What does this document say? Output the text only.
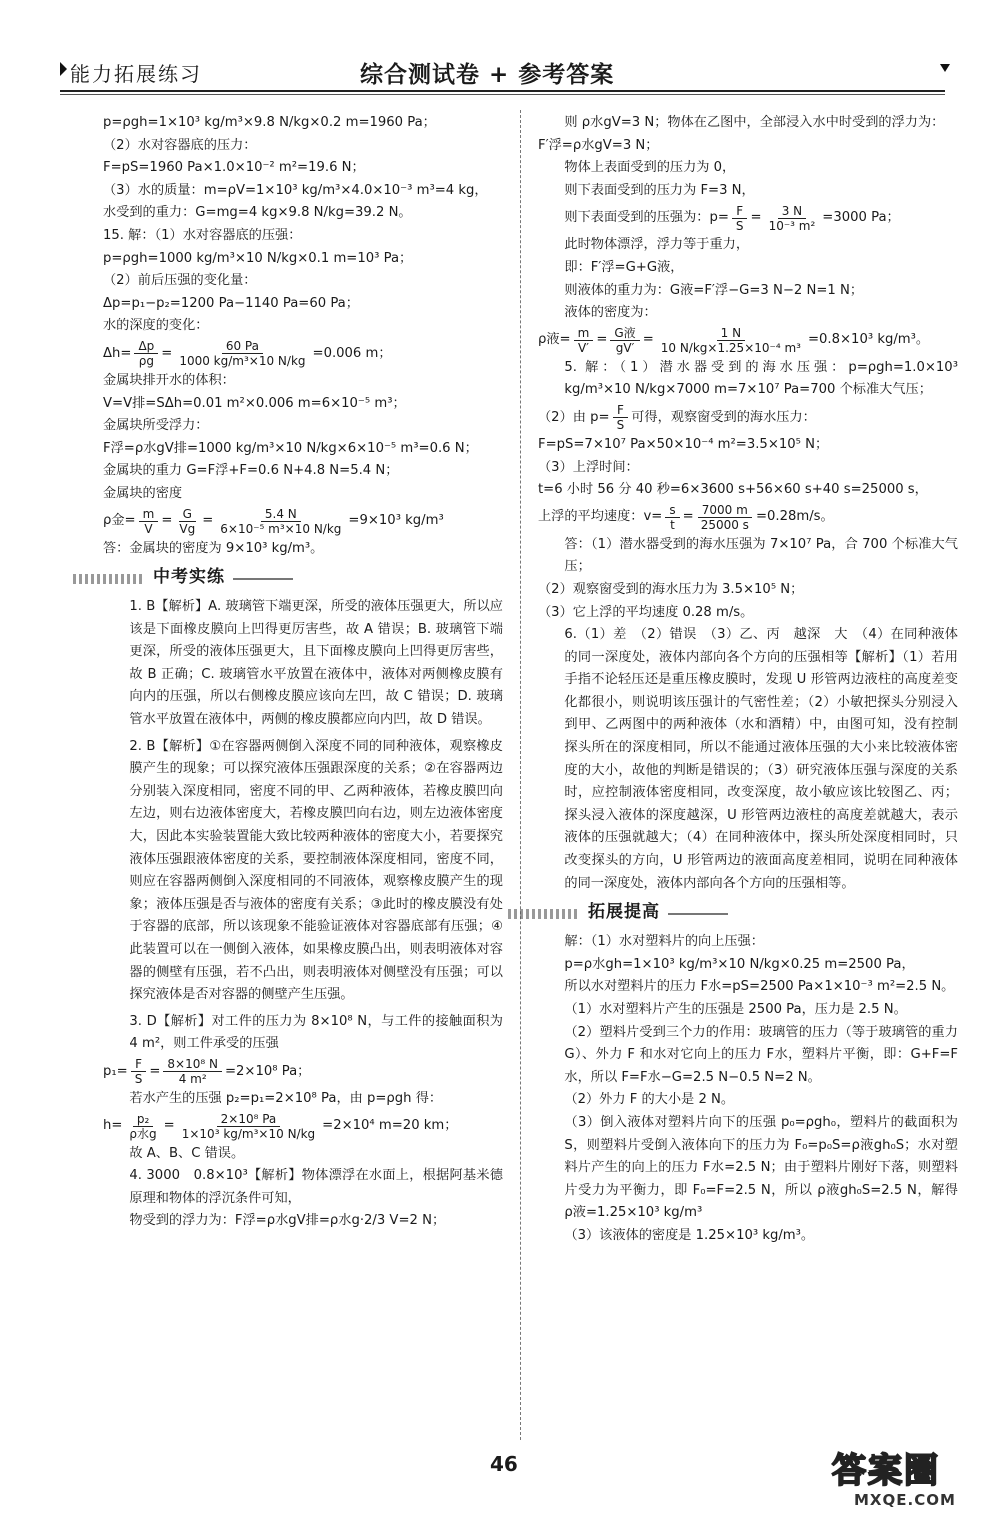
能力拓展练习	综合测试卷 + 参考答案
p=ρgh=1×10³ kg/m³×9.8 N/kg×0.2 m=1960 Pa；
（2）水对容器底的压力：
F=pS=1960 Pa×1.0×10⁻² m²=19.6 N；
（3）水的质量：m=ρV=1×10³ kg/m³×4.0×10⁻³ m³=4 kg，
水受到的重力：G=mg=4 kg×9.8 N/kg=39.2 N。
15. 解：（1）水对容器底的压强：
p=ρgh=1000 kg/m³×10 N/kg×0.1 m=10³ Pa；
（2）前后压强的变化量：
Δp=p₁−p₂=1200 Pa−1140 Pa=60 Pa；
水的深度的变化：
$\Delta h= \frac{\Delta p}{\rho g} = \frac{60 Pa}{\text{1000 kg/m³×10 N/kg}} =0.006$ m；
金属块排开水的体积：
V=V排=SΔh=0.01 m²×0.006 m=6×10⁻⁵ m³；
金属块所受浮力：
F浮=ρ水gV排=1000 kg/m³×10 N/kg×6×10⁻⁵ m³=0.6 N；
金属块的重力 G=F浮+F=0.6 N+4.8 N=5.4 N；
金属块的密度
ρ金= $\frac{m}{V} = \frac{G}{Vg} = \frac{5.4 N}{\text{6×10⁻⁵ m³×10 N/kg}} =9\times 10^3$ kg/m³
答：金属块的密度为 9×10³ kg/m³。
中考实练
1. B【解析】A. 玻璃管下端更深，所受的液体压强更大，所以应该是下面橡皮膜向上凹得更厉害些，故 A 错误；B. 玻璃管下端更深，所受的液体压强更大，且下面橡皮膜向上凹得更厉害些，故 B 正确；C. 玻璃管水平放置在液体中，液体对两侧橡皮膜有向内的压强，所以右侧橡皮膜应该向左凹，故 C 错误；D. 玻璃管水平放置在液体中，两侧的橡皮膜都应向内凹，故 D 错误。
2. B【解析】①在容器两侧倒入深度不同的同种液体，观察橡皮膜产生的现象；可以探究液体压强跟深度的关系；②在容器两边分别装入深度相同，密度不同的甲、乙两种液体，若橡皮膜凹向左边，则右边液体密度大，若橡皮膜凹向右边，则左边液体密度大，因此本实验装置能大致比较两种液体的密度大小，若要探究液体压强跟液体密度的关系，要控制液体深度相同，密度不同，则应在容器两侧倒入深度相同的不同液体，观察橡皮膜产生的现象；液体压强是否与液体的密度有关系；③此时的橡皮膜没有处于容器的底部，所以该现象不能验证液体对容器底部有压强；④此装置可以在一侧倒入液体，如果橡皮膜凸出，则表明液体对容器的侧壁有压强，若不凸出，则表明液体对侧壁没有压强；可以探究液体是否对容器的侧壁产生压强。
3. D【解析】对工件的压力为 8×10⁸ N，与工件的接触面积为 4 m²，则工件承受的压强
$p_1= \frac{F}{S} = \frac{\text{8×10⁸ N}}{\text{4 m²}} =2\times 10^8$ Pa；
若水产生的压强 p₂=p₁=2×10⁸ Pa，由 p=ρgh 得：
$h= \frac{\text{p₂}}{\text{ρ水g}} = \frac{\text{2×10⁸ Pa}}{\text{1×10³ kg/m³×10 N/kg}} =2\times 10^4$ m=20 km；
故 A、B、C 错误。
4. 3000　0.8×10³【解析】物体漂浮在水面上，根据阿基米德原理和物体的浮沉条件可知，
物受到的浮力为：F浮=ρ水gV排=ρ水g·2/3 V=2 N；
则 ρ水gV=3 N；物体在乙图中，全部浸入水中时受到的浮力为：
F′浮=ρ水gV=3 N；
物体上表面受到的压力为 0，
则下表面受到的压力为 F=3 N，
则下表面受到的压强为：$p= \frac{F}{S} = \frac{3 N}{\text{10⁻³ m²}} =3000$ Pa；
此时物体漂浮，浮力等于重力，
即：F′浮=G+G液，
则液体的重力为：G液=F′浮−G=3 N−2 N=1 N；
液体的密度为：
ρ液= $\frac{m}{V'} = \frac{\text{G液}}{gV'} = \frac{1 N}{\text{10 N/kg×1.25×10⁻⁴ m³}} =0.8\times 10^3$ kg/m³。
5. 解：（1）潜水器受到的海水压强：p=ρgh=1.0×10³ kg/m³×10 N/kg×7000 m=7×10⁷ Pa=700 个标准大气压；
（2）由 $p= \frac{F}{S}$ 可得，观察窗受到的海水压力：
F=pS=7×10⁷ Pa×50×10⁻⁴ m²=3.5×10⁵ N；
（3）上浮时间：
t=6 小时 56 分 40 秒=6×3600 s+56×60 s+40 s=25000 s，
上浮的平均速度：$v= \frac{s}{t} = \frac{7000 m}{25000 s} =0.28m/s$。
答：（1）潜水器受到的海水压强为 7×10⁷ Pa，合 700 个标准大气压；
（2）观察窗受到的海水压力为 3.5×10⁵ N；
（3）它上浮的平均速度 0.28 m/s。
6.（1）差　（2）错误　（3）乙、丙　越深　大　（4）在同种液体的同一深度处，液体内部向各个方向的压强相等【解析】（1）若用手指不论轻压还是重压橡皮膜时，发现 U 形管两边液柱的高度差变化都很小，则说明该压强计的气密性差；（2）小敏把探头分别浸入到甲、乙两图中的两种液体（水和酒精）中，由图可知，没有控制探头所在的深度相同，所以不能通过液体压强的大小来比较液体密度的大小，故他的判断是错误的；（3）研究液体压强与深度的关系时，应控制液体密度相同，改变深度，故小敏应该比较图乙、丙；探头浸入液体的深度越深，U 形管两边液柱的高度差就越大，表示液体的压强就越大；（4）在同种液体中，探头所处深度相同时，只改变探头的方向，U 形管两边的液面高度差相同，说明在同种液体的同一深度处，液体内部向各个方向的压强相等。
拓展提高
解：（1）水对塑料片的向上压强：
p=ρ水gh=1×10³ kg/m³×10 N/kg×0.25 m=2500 Pa，
所以水对塑料片的压力 F水=pS=2500 Pa×1×10⁻³ m²=2.5 N。
（1）水对塑料片产生的压强是 2500 Pa，压力是 2.5 N。
（2）塑料片受到三个力的作用：玻璃管的压力（等于玻璃管的重力 G）、外力 F 和水对它向上的压力 F水，塑料片平衡，即：G+F=F水，所以 F=F水−G=2.5 N−0.5 N=2 N。
（2）外力 F 的大小是 2 N。
（3）倒入液体对塑料片向下的压强 p₀=ρgh₀，塑料片的截面积为 S，则塑料片受倒入液体向下的压力为 F₀=p₀S=ρ液gh₀S；水对塑料片产生的向上的压力 F水=2.5 N；由于塑料片刚好下落，则塑料片受力为平衡力，即 F₀=F=2.5 N，所以 ρ液gh₀S=2.5 N，解得 ρ液=1.25×10³ kg/m³
（3）该液体的密度是 1.25×10³ kg/m³。
46	答案圈
MXQE.COM
